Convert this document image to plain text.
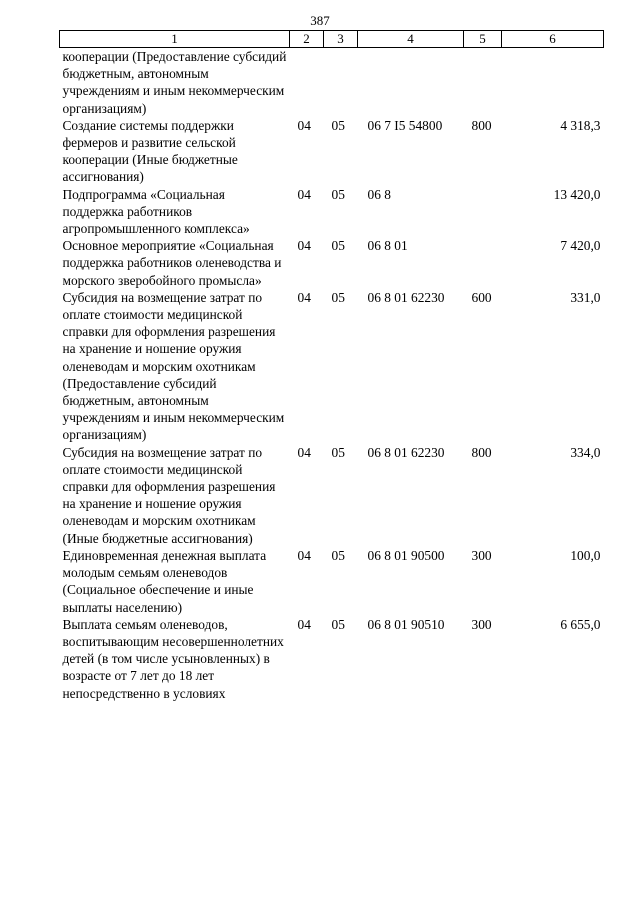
387
1	2	3	4	5	6
кооперации (Предоставление субсидий бюджетным, автономным учреждениям и иным некоммерческим организациям)					
Создание системы поддержки фермеров и развитие сельской кооперации (Иные бюджетные ассигнования)	04	05	06 7 I5 54800	800	4 318,3
Подпрограмма «Социальная поддержка работников агропромышленного комплекса»	04	05	06 8		13 420,0
Основное мероприятие «Социальная поддержка работников оленеводства и морского зверобойного промысла»	04	05	06 8 01		7 420,0
Субсидия на возмещение затрат по оплате стоимости медицинской справки для оформления разрешения на хранение и ношение оружия оленеводам и морским охотникам (Предоставление субсидий бюджетным, автономным учреждениям и иным некоммерческим организациям)	04	05	06 8 01 62230	600	331,0
Субсидия на возмещение затрат по оплате стоимости медицинской справки для оформления разрешения на хранение и ношение оружия оленеводам и морским охотникам (Иные бюджетные ассигнования)	04	05	06 8 01 62230	800	334,0
Единовременная денежная выплата молодым семьям оленеводов (Социальное обеспечение и иные выплаты населению)	04	05	06 8 01 90500	300	100,0
Выплата семьям оленеводов, воспитывающим несовершеннолетних детей (в том числе усыновленных) в возрасте от 7 лет до 18 лет непосредственно в условиях	04	05	06 8 01 90510	300	6 655,0
